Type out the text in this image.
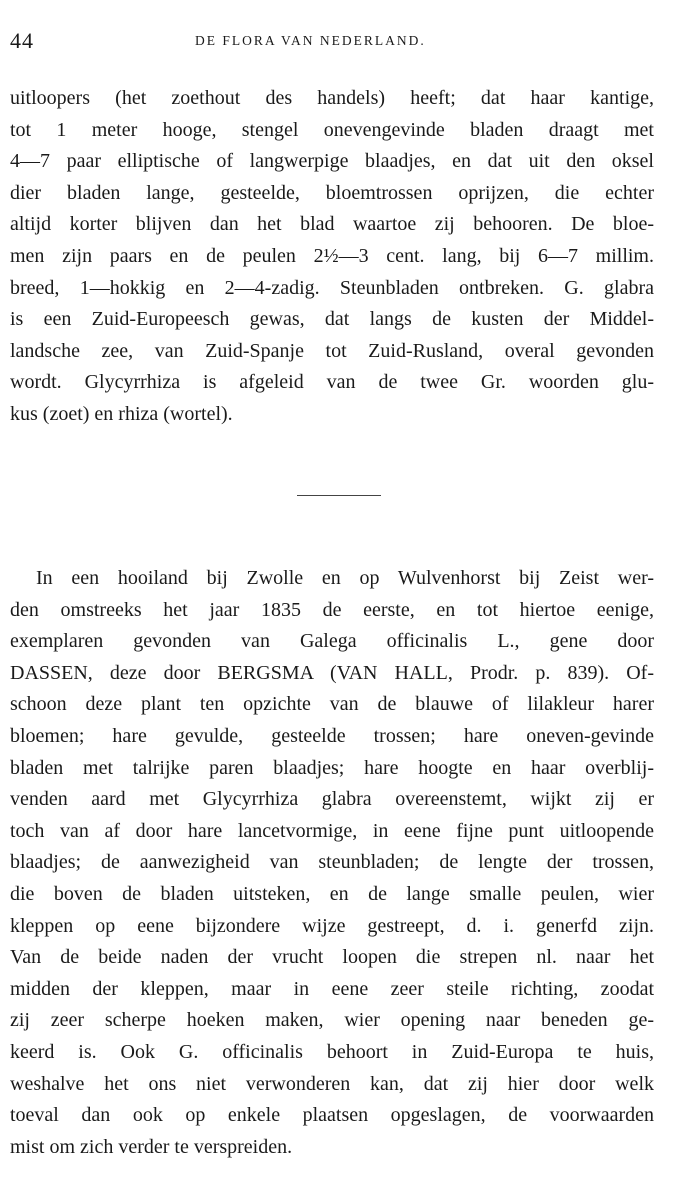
44	DE FLORA VAN NEDERLAND.
uitloopers (het zoethout des handels) heeft; dat haar kantige,
tot 1 meter hooge, stengel onevengevinde bladen draagt met
4—7 paar elliptische of langwerpige blaadjes, en dat uit den oksel
dier bladen lange, gesteelde, bloemtrossen oprijzen, die echter
altijd korter blijven dan het blad waartoe zij behooren. De bloe-
men zijn paars en de peulen 2½—3 cent. lang, bij 6—7 millim.
breed, 1—hokkig en 2—4-zadig. Steunbladen ontbreken. G. glabra
is een Zuid-Europeesch gewas, dat langs de kusten der Middel-
landsche zee, van Zuid-Spanje tot Zuid-Rusland, overal gevonden
wordt. Glycyrrhiza is afgeleid van de twee Gr. woorden glu-
kus (zoet) en rhiza (wortel).
In een hooiland bij Zwolle en op Wulvenhorst bij Zeist wer-
den omstreeks het jaar 1835 de eerste, en tot hiertoe eenige,
exemplaren gevonden van Galega officinalis L., gene door
DASSEN, deze door BERGSMA (VAN HALL, Prodr. p. 839). Of-
schoon deze plant ten opzichte van de blauwe of lilakleur harer
bloemen; hare gevulde, gesteelde trossen; hare oneven-gevinde
bladen met talrijke paren blaadjes; hare hoogte en haar overblij-
venden aard met Glycyrrhiza glabra overeenstemt, wijkt zij er
toch van af door hare lancetvormige, in eene fijne punt uitloopende
blaadjes; de aanwezigheid van steunbladen; de lengte der trossen,
die boven de bladen uitsteken, en de lange smalle peulen, wier
kleppen op eene bijzondere wijze gestreept, d. i. generfd zijn.
Van de beide naden der vrucht loopen die strepen nl. naar het
midden der kleppen, maar in eene zeer steile richting, zoodat
zij zeer scherpe hoeken maken, wier opening naar beneden ge-
keerd is. Ook G. officinalis behoort in Zuid-Europa te huis,
weshalve het ons niet verwonderen kan, dat zij hier door welk
toeval dan ook op enkele plaatsen opgeslagen, de voorwaarden
mist om zich verder te verspreiden.
